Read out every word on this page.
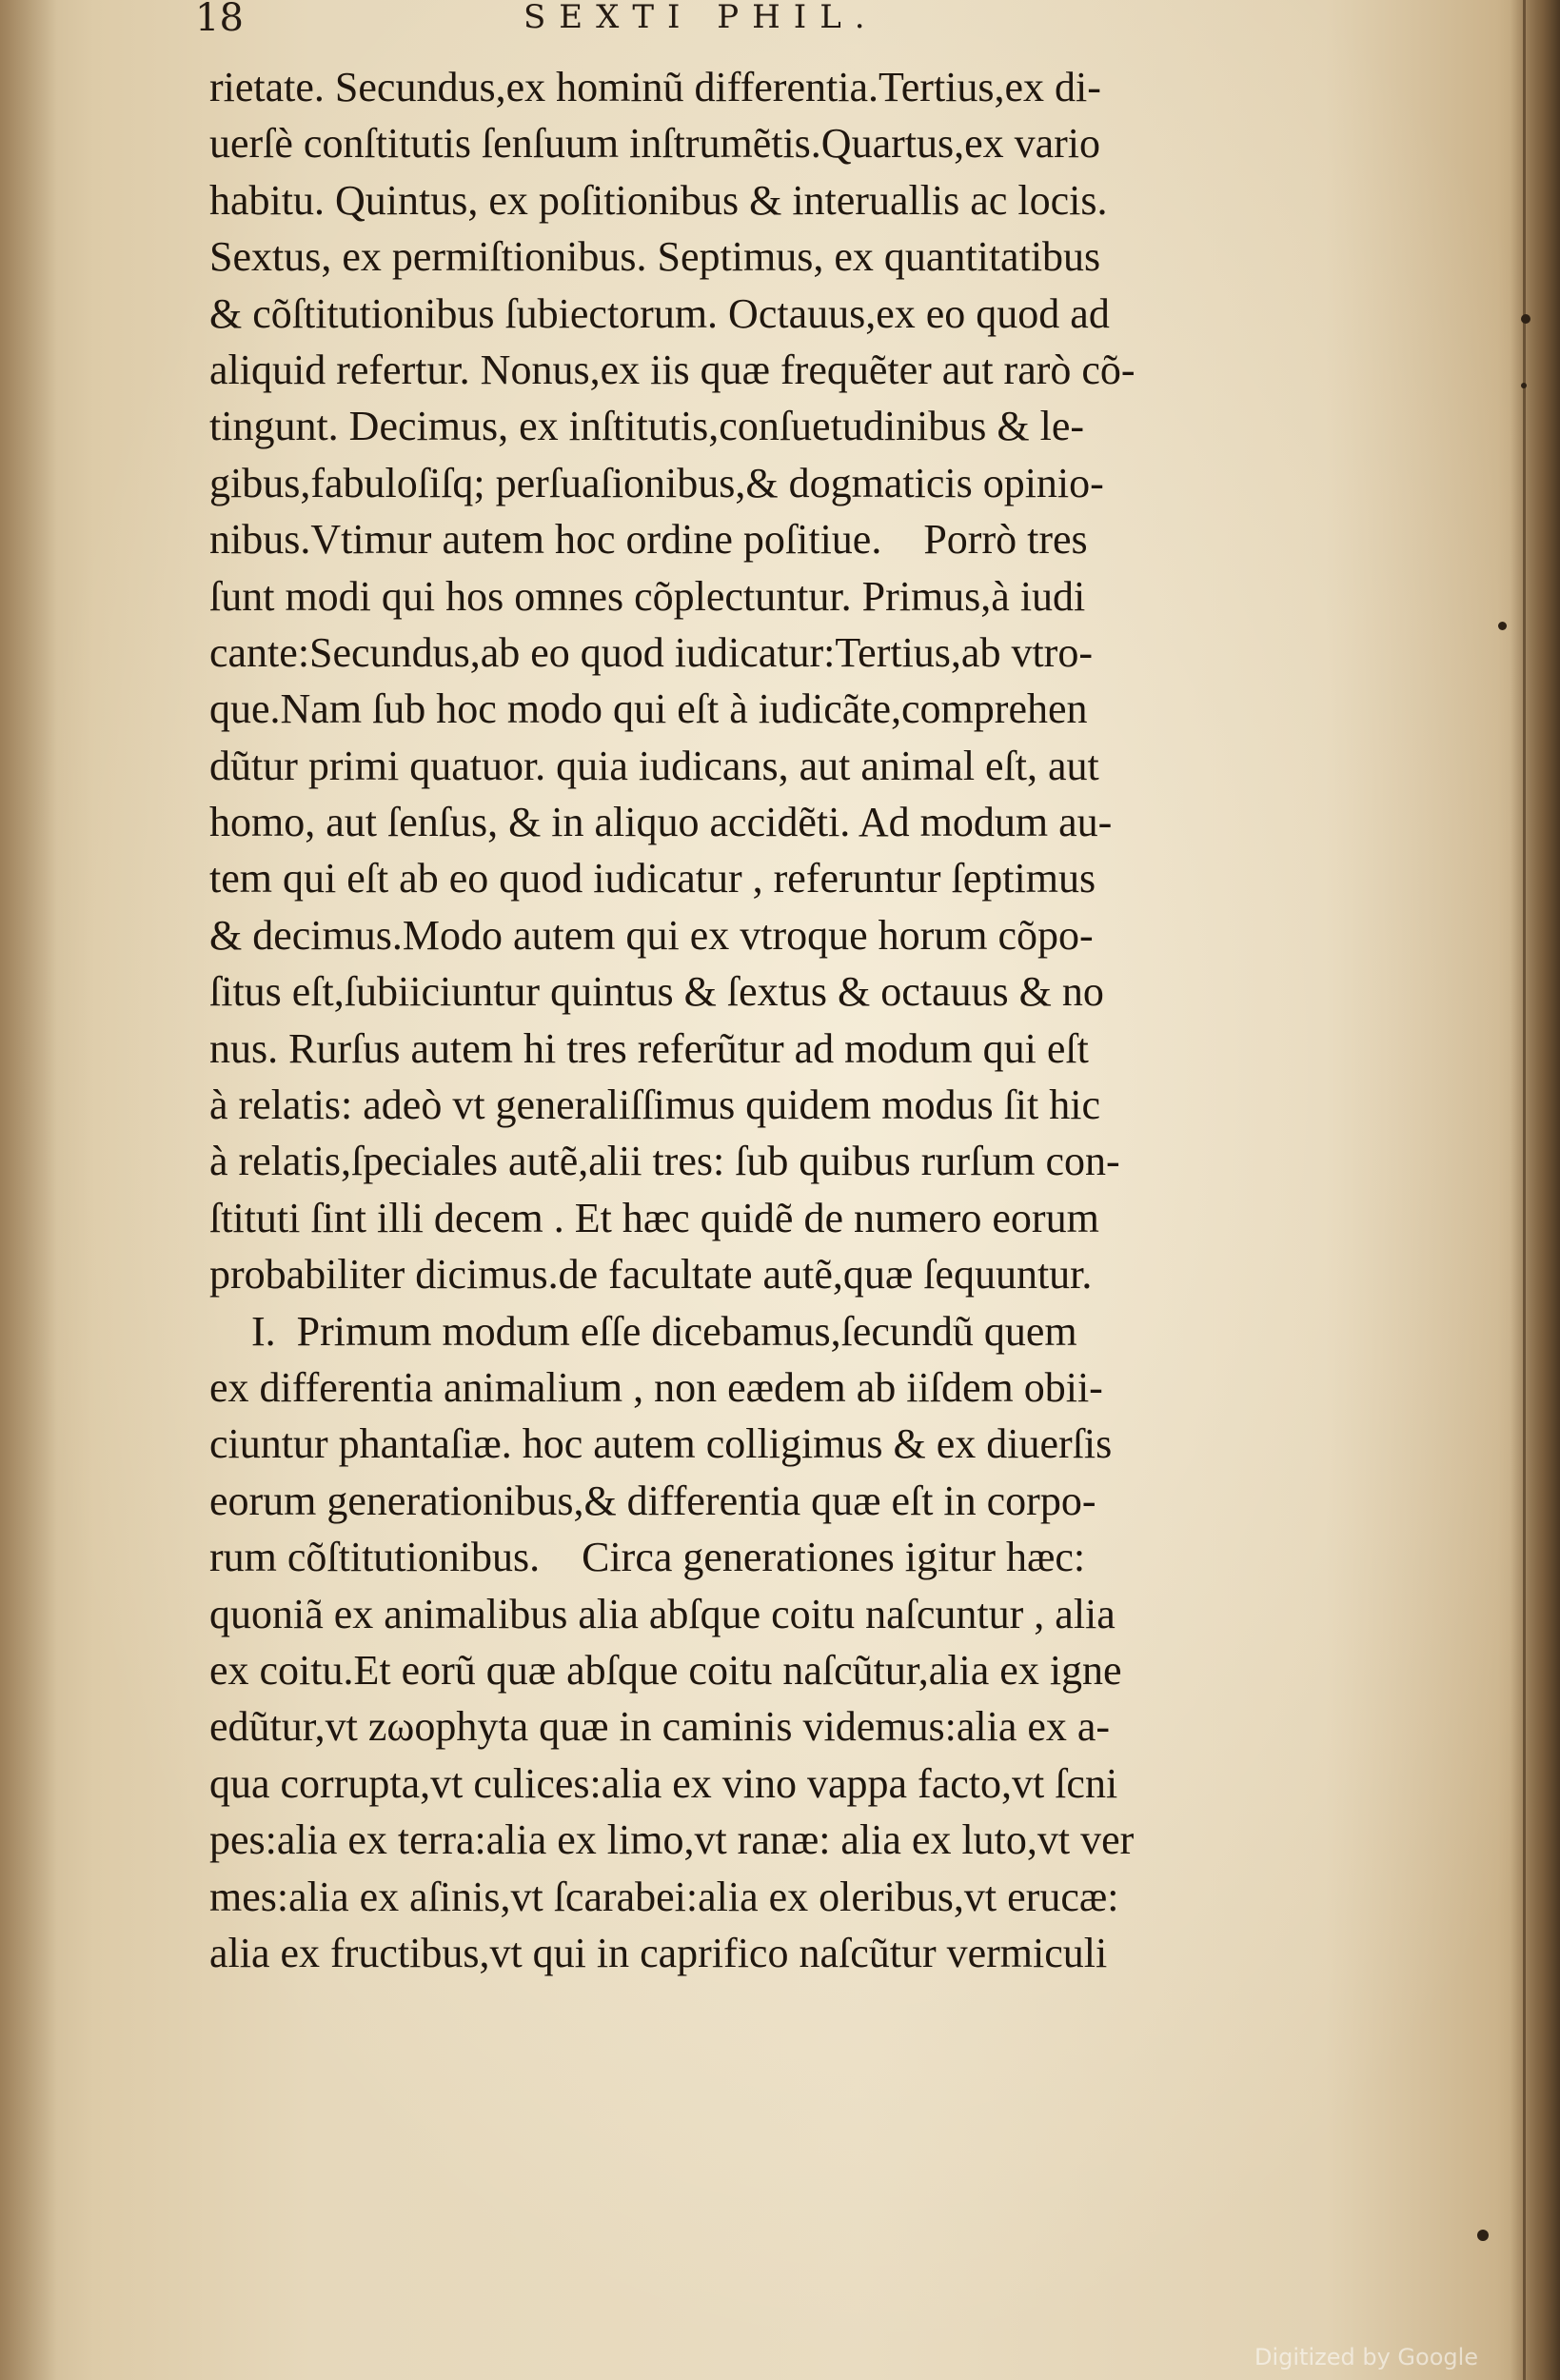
18	SEXTI PHIL.
rietate. Secundus,ex hominũ differentia.Tertius,ex di-
uerſè conſtitutis ſenſuum inſtrumẽtis.Quartus,ex vario
habitu. Quintus, ex poſitionibus & interuallis ac locis.
Sextus, ex permiſtionibus. Septimus, ex quantitatibus
& cõſtitutionibus ſubiectorum. Octauus,ex eo quod ad
aliquid refertur. Nonus,ex iis quæ frequẽter aut rarò cõ-
tingunt. Decimus, ex inſtitutis,conſuetudinibus & le-
gibus,fabuloſiſq; perſuaſionibus,& dogmaticis opinio-
nibus.Vtimur autem hoc ordine poſitiue.    Porrò tres
ſunt modi qui hos omnes cõplectuntur. Primus,à iudi
cante:Secundus,ab eo quod iudicatur:Tertius,ab vtro-
que.Nam ſub hoc modo qui eſt à iudicãte,comprehen
dũtur primi quatuor. quia iudicans, aut animal eſt, aut
homo, aut ſenſus, & in aliquo accidẽti. Ad modum au-
tem qui eſt ab eo quod iudicatur , referuntur ſeptimus
& decimus.Modo autem qui ex vtroque horum cõpo-
ſitus eſt,ſubiiciuntur quintus & ſextus & octauus & no
nus. Rurſus autem hi tres referũtur ad modum qui eſt
à relatis: adeò vt generaliſſimus quidem modus ſit hic
à relatis,ſpeciales autẽ,alii tres: ſub quibus rurſum con-
ſtituti ſint illi decem . Et hæc quidẽ de numero eorum
probabiliter dicimus.de facultate autẽ,quæ ſequuntur.
I.  Primum modum eſſe dicebamus,ſecundũ quem
ex differentia animalium , non eædem ab iiſdem obii-
ciuntur phantaſiæ. hoc autem colligimus & ex diuerſis
eorum generationibus,& differentia quæ eſt in corpo-
rum cõſtitutionibus.    Circa generationes igitur hæc:
quoniã ex animalibus alia abſque coitu naſcuntur , alia
ex coitu.Et eorũ quæ abſque coitu naſcũtur,alia ex igne
edũtur,vt zωophyta quæ in caminis videmus:alia ex a-
qua corrupta,vt culices:alia ex vino vappa facto,vt ſcni
pes:alia ex terra:alia ex limo,vt ranæ: alia ex luto,vt ver
mes:alia ex aſinis,vt ſcarabei:alia ex oleribus,vt erucæ:
alia ex fructibus,vt qui in caprifico naſcũtur vermiculi
Digitized by Google
